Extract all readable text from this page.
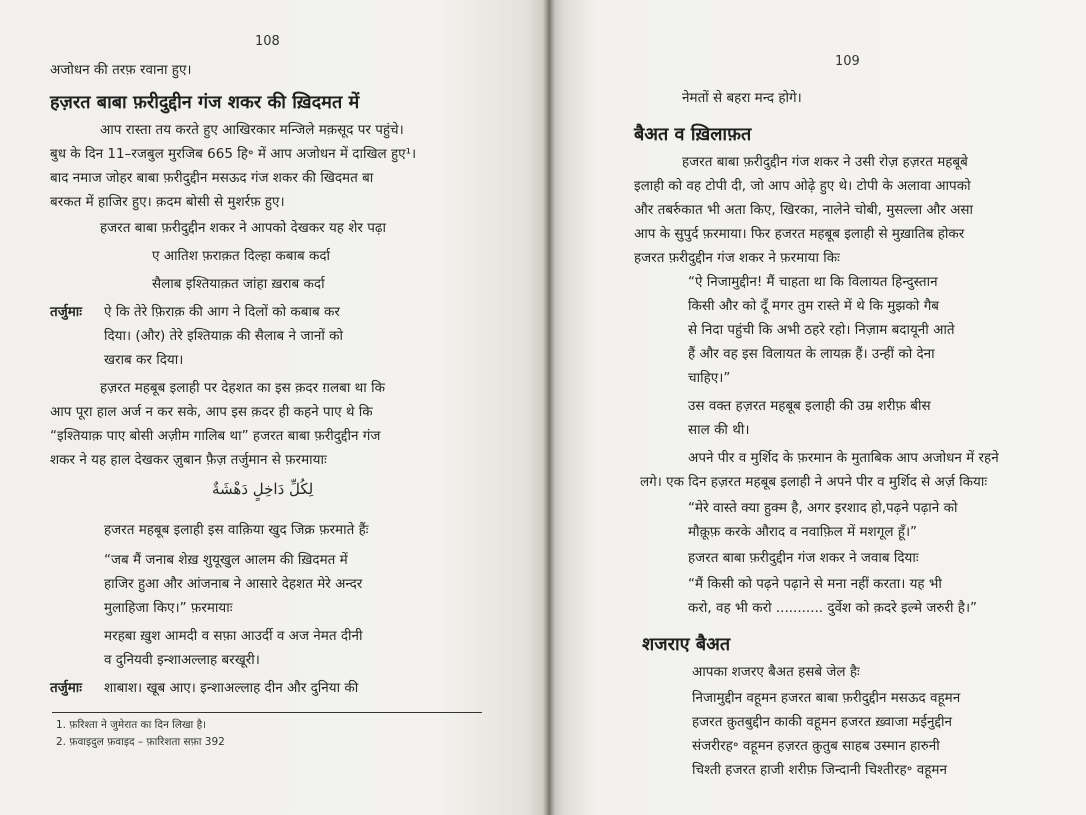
108
अजोधन की तरफ़ रवाना हुए।
हज़रत बाबा फ़रीदुद्दीन गंज शकर की ख़िदमत में
आप रास्ता तय करते हुए आखिरकार मन्जिले मक़सूद पर पहुंचे।
बुध के दिन 11–रजबुल मुरजिब 665 हि॰ में आप अजोधन में दाखिल हुए¹।
बाद नमाज जोहर बाबा फ़रीदुद्दीन मसऊद गंज शकर की खिदमत बा
बरकत में हाजिर हुए। क़दम बोसी से मुशर्रफ़ हुए।
हजरत बाबा फ़रीदुद्दीन शकर ने आपको देखकर यह शेर पढ़ा
ए आतिश फ़राक़त दिल्हा कबाब कर्दा
सैलाब इश्तियाक़त जांहा ख़राब कर्दा
तर्जुमाः ऐ कि तेरे फ़िराक़ की आग ने दिलों को कबाब कर
दिया। (और) तेरे इश्तियाक़ की सैलाब ने जानों को
खराब कर दिया।
हज़रत महबूब इलाही पर देहशत का इस क़दर ग़लबा था कि
आप पूरा हाल अर्ज न कर सके, आप इस क़दर ही कहने पाए थे कि
“इश्तियाक़ पाए बोसी अज़ीम गालिब था” हजरत बाबा फ़रीदुद्दीन गंज
शकर ने यह हाल देखकर ज़ुबान फ़ैज़ तर्जुमान से फ़रमायाः
لِكُلِّ دَاخِلٍ دَهْشَةٌ
हजरत महबूब इलाही इस वाक़िया खुद जिक्र फ़रमाते हैंः
“जब मैं जनाब शेख़ शुयूखुल आलम की ख़िदमत में
हाजिर हुआ और आंजनाब ने आसारे देहशत मेरे अन्दर
मुलाहिजा किए।” फ़रमायाः
मरहबा ख़ुश आमदी व सफ़ा आउर्दी व अज नेमत दीनी
व दुनियवी इन्शाअल्लाह बरखूरी।
तर्जुमाः शाबाश। खूब आए। इन्शाअल्लाह दीन और दुनिया की
1. फ़रिश्ता ने जुमेरात का दिन लिखा है।
2. फ़वाइदुल फ़वाइद – फ़ारिशता सफ़ा 392
109
नेमतों से बहरा मन्द होगे।
बैअत व ख़िलाफ़त
हजरत बाबा फ़रीदुद्दीन गंज शकर ने उसी रोज़ हज़रत महबूबे
इलाही को वह टोपी दी, जो आप ओढ़े हुए थे। टोपी के अलावा आपको
और तबर्रुकात भी अता किए, खिरका, नालेने चोबी, मुसल्ला और असा
आप के सुपुर्द फ़रमाया। फिर हजरत महबूब इलाही से मुख़ातिब होकर
हजरत फ़रीदुद्दीन गंज शकर ने फ़रमाया किः
“ऐ निजामुद्दीन! मैं चाहता था कि विलायत हिन्दुस्तान
किसी और को दूँ मगर तुम रास्ते में थे कि मुझको गैब
से निदा पहुंची कि अभी ठहरे रहो। निज़ाम बदायूनी आते
हैं और वह इस विलायत के लायक़ हैं। उन्हीं को देना
चाहिए।”
उस वक्त हज़रत महबूब इलाही की उम्र शरीफ़ बीस
साल की थी।
अपने पीर व मुर्शिद के फ़रमान के मुताबिक आप अजोधन में रहने
लगे। एक दिन हज़रत महबूब इलाही ने अपने पीर व मुर्शिद से अर्ज़ कियाः
“मेरे वास्ते क्या हुक्म है, अगर इरशाद हो,पढ़ने पढ़ाने को
मौक़ूफ़ करके औराद व नवाफ़िल में मशगूल हूँ।”
हजरत बाबा फ़रीदुद्दीन गंज शकर ने जवाब दियाः
“मैं किसी को पढ़ने पढ़ाने से मना नहीं करता। यह भी
करो, वह भी करो ........... दुर्वेश को क़दरे इल्मे जरुरी है।”
शजराए बैअत
आपका शजरए बैअत हसबे जेल हैः
निजामुद्दीन वहूमन हजरत बाबा फ़रीदुद्दीन मसऊद वहूमन
हजरत क़ुतबुद्दीन काकी वहूमन हजरत ख़्वाजा मईनुद्दीन
संजरीरह॰ वहूमन हज़रत क़ुतुब साहब उस्मान हारुनी
चिश्ती हजरत हाजी शरीफ़ जिन्दानी चिश्तीरह॰ वहूमन
